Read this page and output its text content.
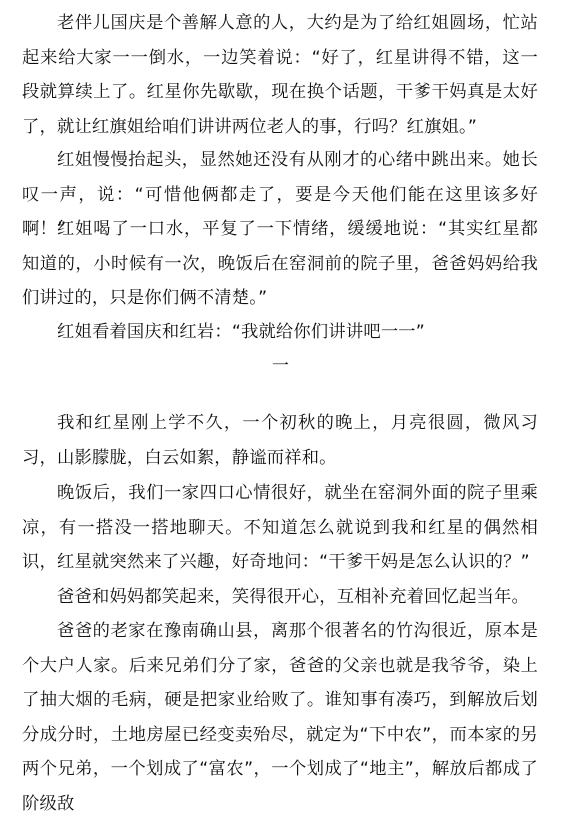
老伴儿国庆是个善解人意的人，大约是为了给红姐圆场，忙站起来给大家一一倒水，一边笑着说：“好了，红星讲得不错，这一段就算续上了。红星你先歇歇，现在换个话题，干爹干妈真是太好了，就让红旗姐给咱们讲讲两位老人的事，行吗？红旗姐。”

红姐慢慢抬起头，显然她还没有从刚才的心绪中跳出来。她长叹一声，说：“可惜他俩都走了，要是今天他们能在这里该多好啊！”

红姐喝了一口水，平复了一下情绪，缓缓地说：“其实红星都知道的，小时候有一次，晚饭后在窑洞前的院子里，爸爸妈妈给我们讲过的，只是你们俩不清楚。”

红姐看着国庆和红岩：“我就给你们讲讲吧一一”

一

我和红星刚上学不久，一个初秋的晚上，月亮很圆，微风习习，山影朦胧，白云如絮，静谧而祥和。

晚饭后，我们一家四口心情很好，就坐在窑洞外面的院子里乘凉，有一搭没一搭地聊天。不知道怎么就说到我和红星的偶然相识，红星就突然来了兴趣，好奇地问：“干爹干妈是怎么认识的？”

爸爸和妈妈都笑起来，笑得很开心，互相补充着回忆起当年。

爸爸的老家在豫南确山县，离那个很著名的竹沟很近，原本是个大户人家。后来兄弟们分了家，爸爸的父亲也就是我爷爷，染上了抽大烟的毛病，硬是把家业给败了。谁知事有凑巧，到解放后划分成分时，土地房屋已经变卖殆尽，就定为“下中农”，而本家的另两个兄弟，一个划成了“富农”，一个划成了“地主”，解放后都成了阶级敌
